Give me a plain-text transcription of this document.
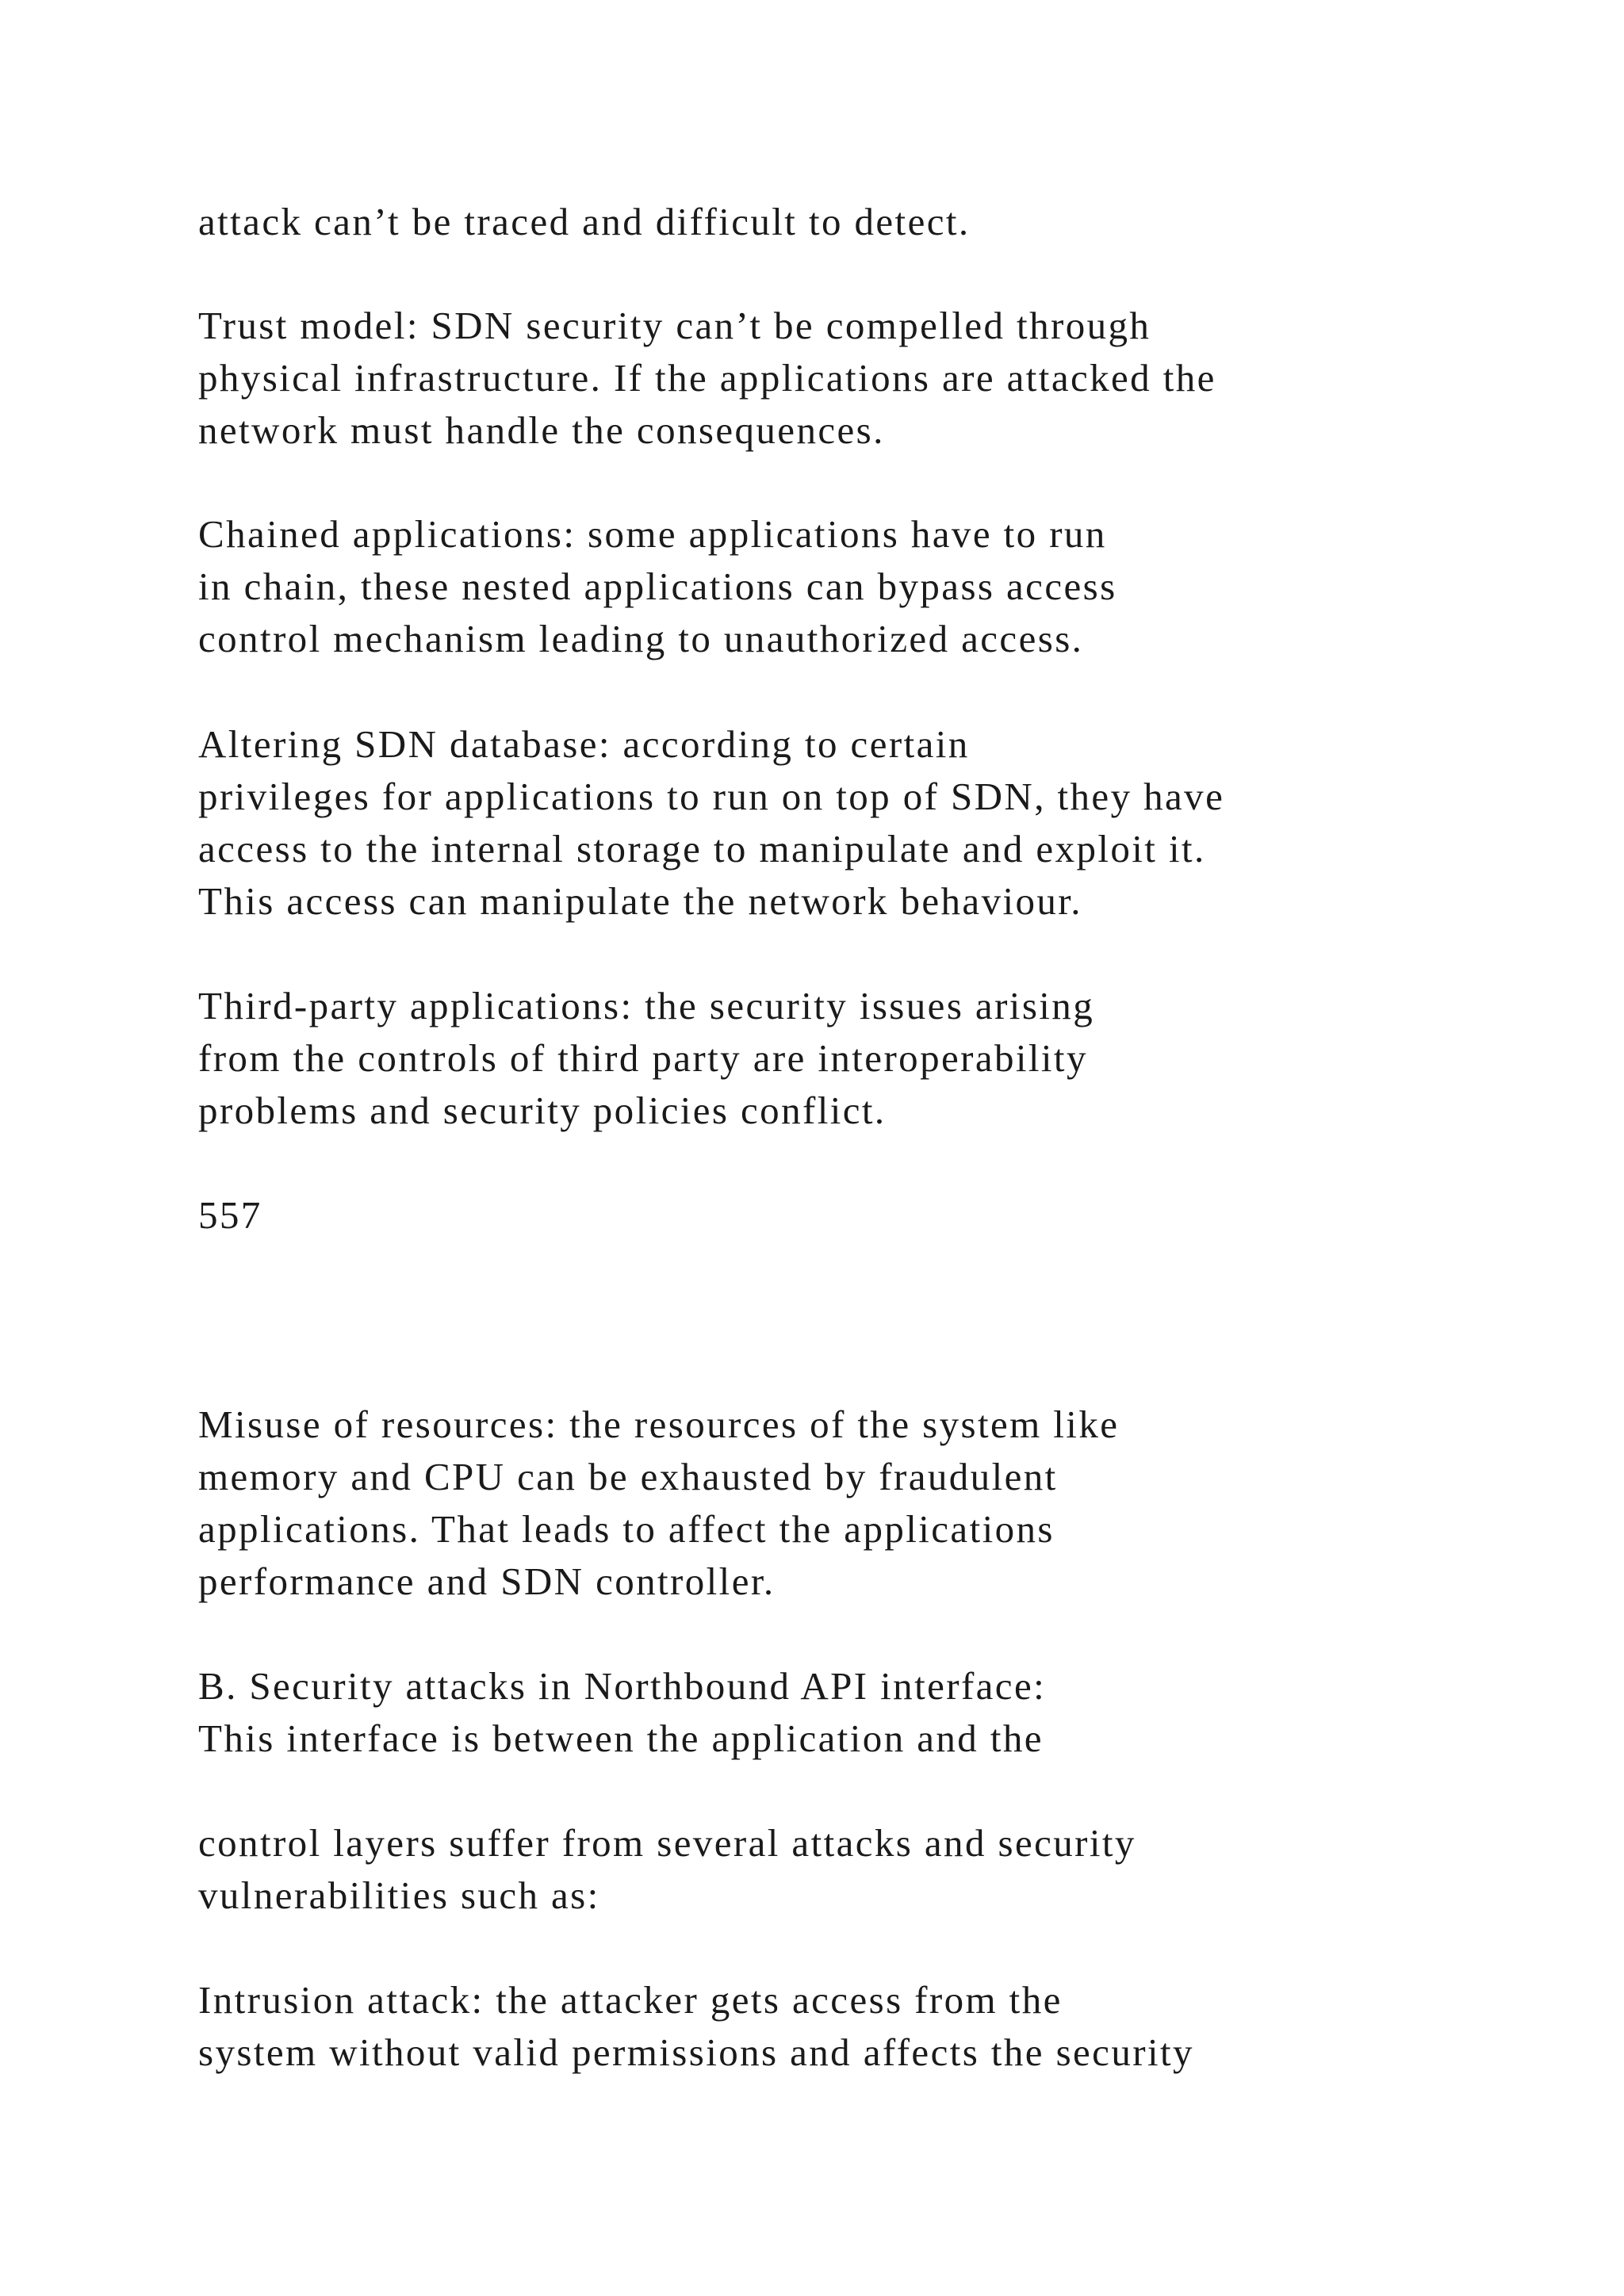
attack can’t be traced and difficult to detect.

Trust model: SDN security can’t be compelled through

physical infrastructure. If the applications are attacked the

network must handle the consequences.

Chained applications: some applications have to run

in chain, these nested applications can bypass access

control mechanism leading to unauthorized access.

Altering SDN database: according to certain

privileges for applications to run on top of SDN, they have

access to the internal storage to manipulate and exploit it.

This access can manipulate the network behaviour.

Third-party applications: the security issues arising

from the controls of third party are interoperability

problems and security policies conflict.

557

Misuse of resources: the resources of the system like

memory and CPU can be exhausted by fraudulent

applications. That leads to affect the applications

performance and SDN controller.

B. Security attacks in Northbound API interface:

This interface is between the application and the

control layers suffer from several attacks and security

vulnerabilities such as:

Intrusion attack: the attacker gets access from the

system without valid permissions and affects the security
